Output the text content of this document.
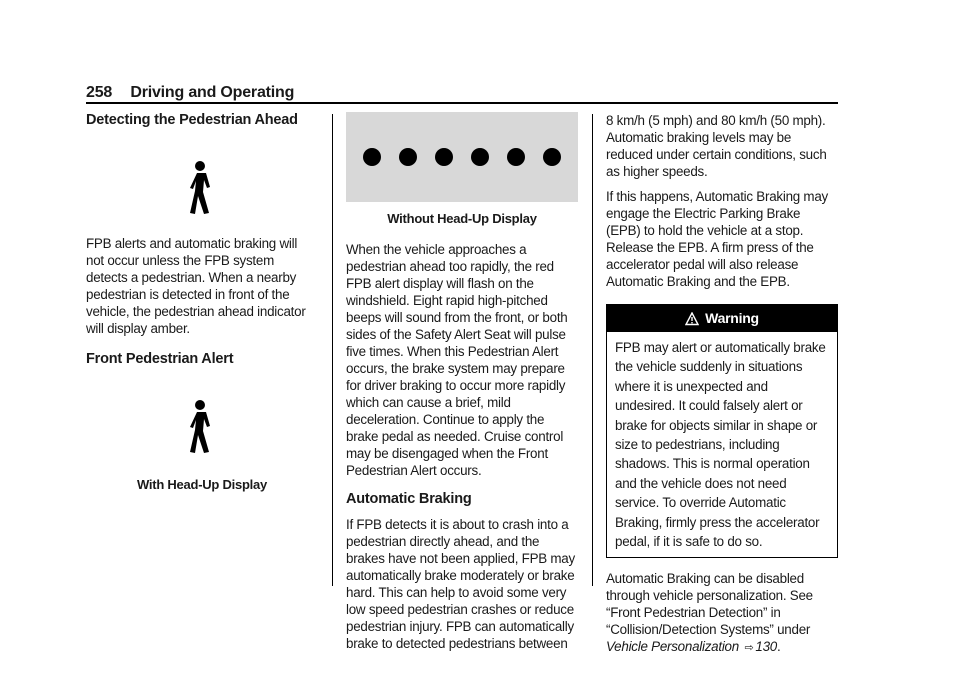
258 Driving and Operating
Detecting the Pedestrian Ahead

FPB alerts and automatic braking will not occur unless the FPB system detects a pedestrian. When a nearby pedestrian is detected in front of the vehicle, the pedestrian ahead indicator will display amber.

Front Pedestrian Alert
With Head-Up Display
Without Head-Up Display

When the vehicle approaches a pedestrian ahead too rapidly, the red FPB alert display will flash on the windshield. Eight rapid high-pitched beeps will sound from the front, or both sides of the Safety Alert Seat will pulse five times. When this Pedestrian Alert occurs, the brake system may prepare for driver braking to occur more rapidly which can cause a brief, mild deceleration. Continue to apply the brake pedal as needed. Cruise control may be disengaged when the Front Pedestrian Alert occurs.

Automatic Braking

If FPB detects it is about to crash into a pedestrian directly ahead, and the brakes have not been applied, FPB may automatically brake moderately or brake hard. This can help to avoid some very low speed pedestrian crashes or reduce pedestrian injury. FPB can automatically brake to detected pedestrians between

8 km/h (5 mph) and 80 km/h (50 mph). Automatic braking levels may be reduced under certain conditions, such as higher speeds.

If this happens, Automatic Braking may engage the Electric Parking Brake (EPB) to hold the vehicle at a stop. Release the EPB. A firm press of the accelerator pedal will also release Automatic Braking and the EPB.

Warning
FPB may alert or automatically brake the vehicle suddenly in situations where it is unexpected and undesired. It could falsely alert or brake for objects similar in shape or size to pedestrians, including shadows. This is normal operation and the vehicle does not need service. To override Automatic Braking, firmly press the accelerator pedal, if it is safe to do so.

Automatic Braking can be disabled through vehicle personalization. See “Front Pedestrian Detection” in “Collision/Detection Systems” under Vehicle Personalization ⇨ 130.
